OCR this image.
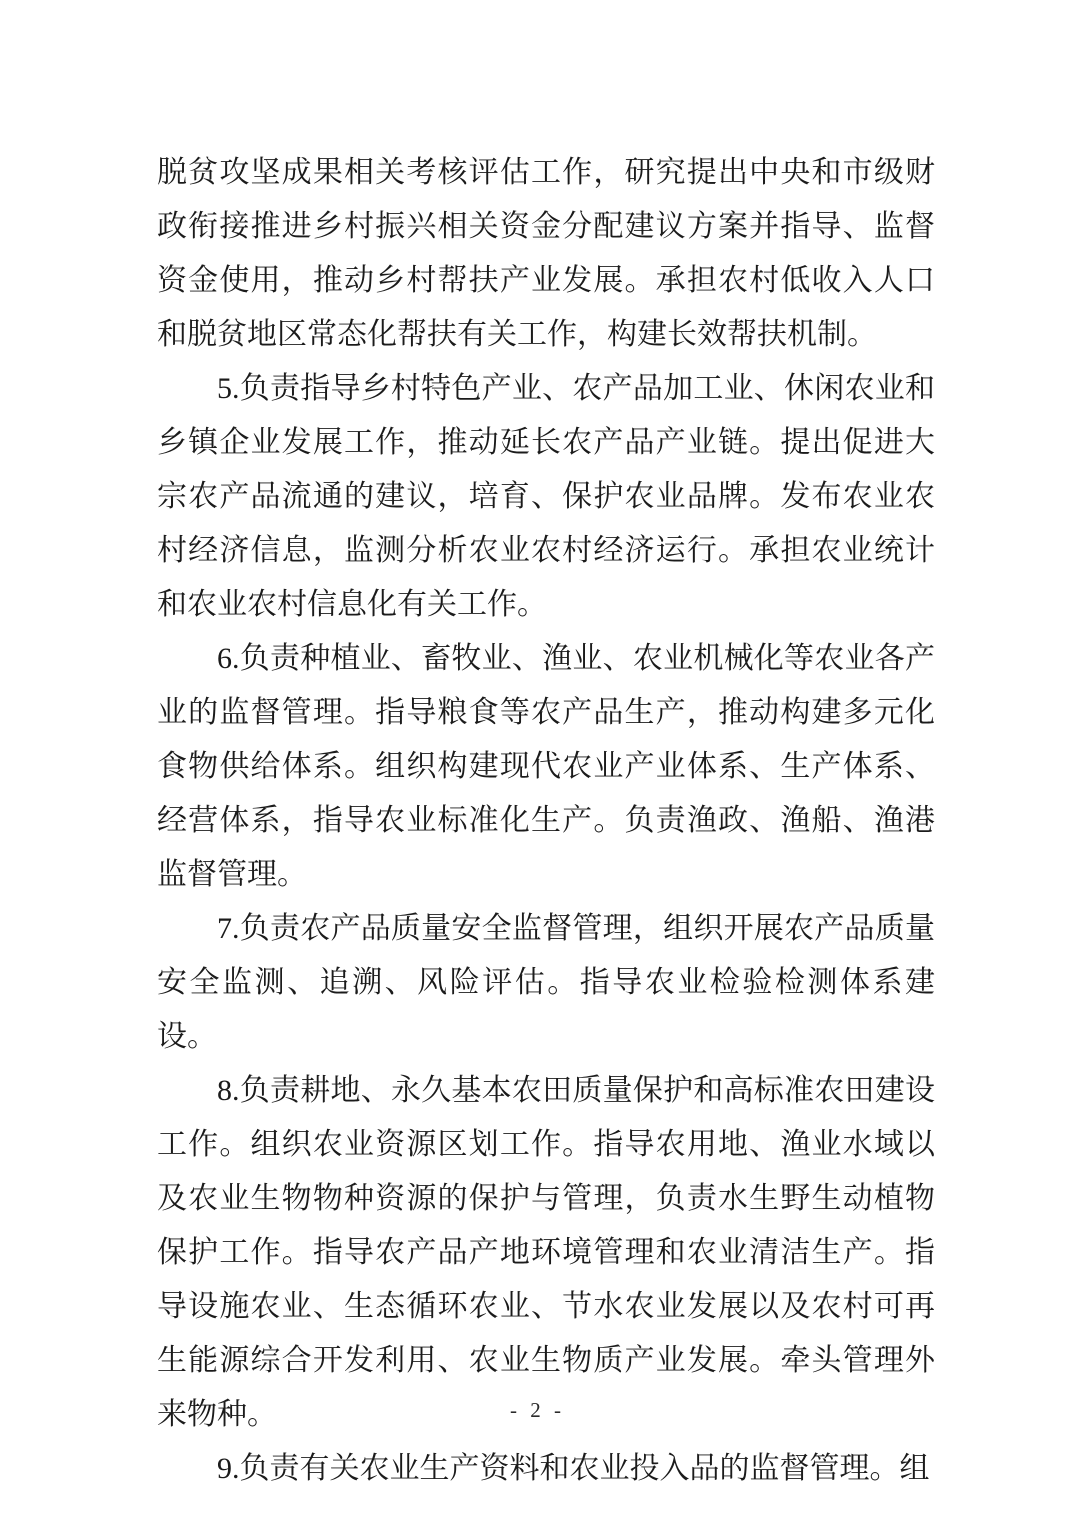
脱贫攻坚成果相关考核评估工作，研究提出中央和市级财政衔接推进乡村振兴相关资金分配建议方案并指导、监督资金使用，推动乡村帮扶产业发展。承担农村低收入人口和脱贫地区常态化帮扶有关工作，构建长效帮扶机制。

5.负责指导乡村特色产业、农产品加工业、休闲农业和乡镇企业发展工作，推动延长农产品产业链。提出促进大宗农产品流通的建议，培育、保护农业品牌。发布农业农村经济信息，监测分析农业农村经济运行。承担农业统计和农业农村信息化有关工作。

6.负责种植业、畜牧业、渔业、农业机械化等农业各产业的监督管理。指导粮食等农产品生产，推动构建多元化食物供给体系。组织构建现代农业产业体系、生产体系、经营体系，指导农业标准化生产。负责渔政、渔船、渔港监督管理。

7.负责农产品质量安全监督管理，组织开展农产品质量安全监测、追溯、风险评估。指导农业检验检测体系建设。

8.负责耕地、永久基本农田质量保护和高标准农田建设工作。组织农业资源区划工作。指导农用地、渔业水域以及农业生物物种资源的保护与管理，负责水生野生动植物保护工作。指导农产品产地环境管理和农业清洁生产。指导设施农业、生态循环农业、节水农业发展以及农村可再生能源综合开发利用、农业生物质产业发展。牵头管理外来物种。

9.负责有关农业生产资料和农业投入品的监督管理。组

- 2 -
